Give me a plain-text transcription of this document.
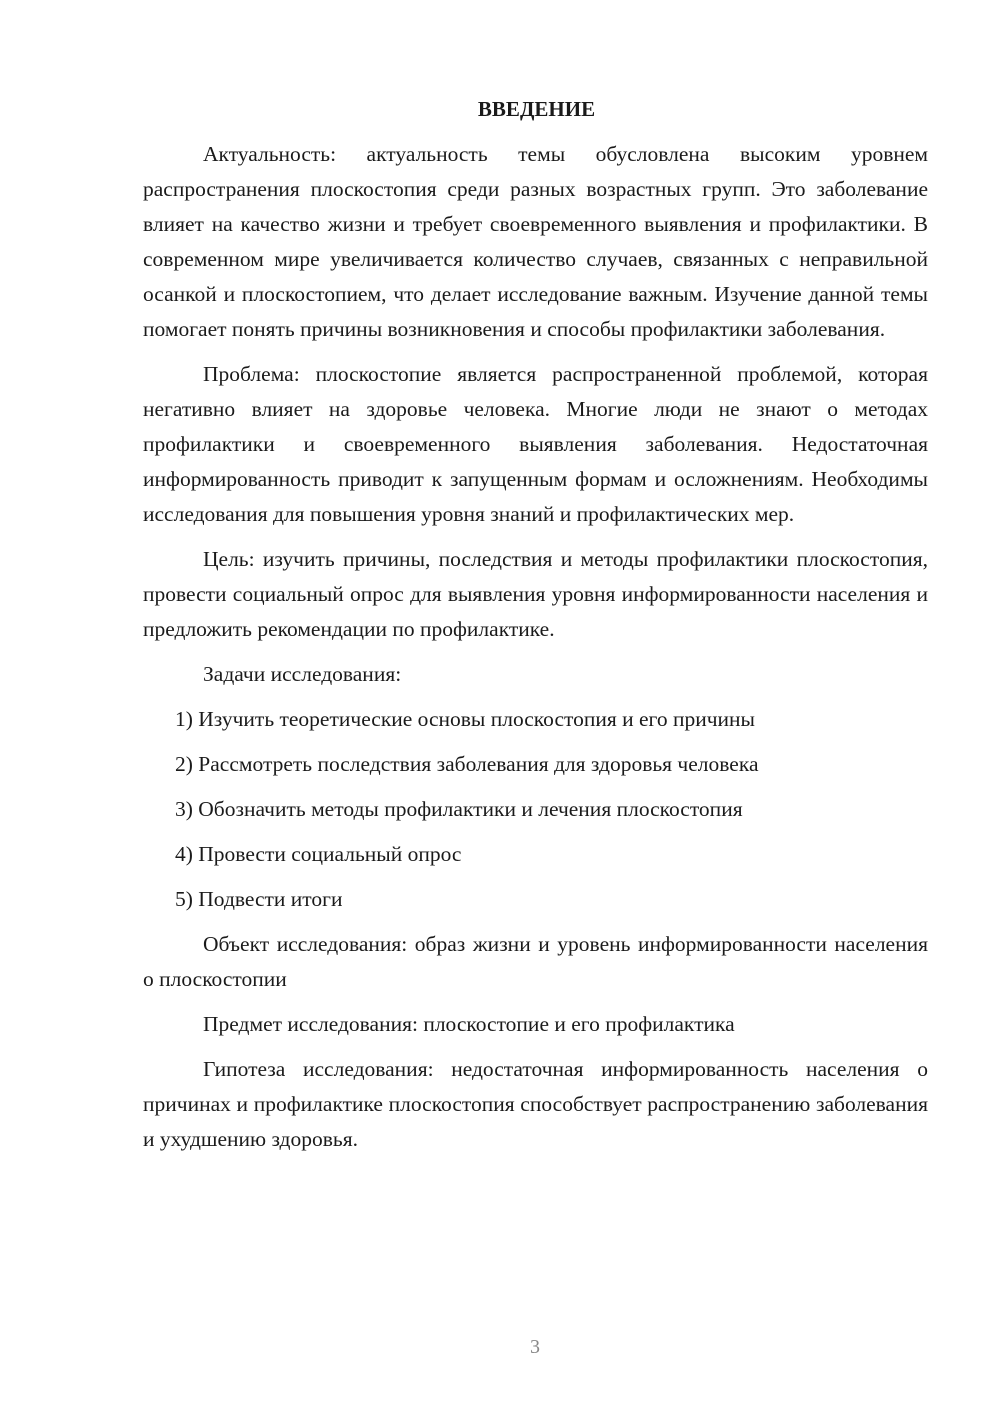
ВВЕДЕНИЕ

Актуальность: актуальность темы обусловлена высоким уровнем распространения плоскостопия среди разных возрастных групп. Это заболевание влияет на качество жизни и требует своевременного выявления и профилактики. В современном мире увеличивается количество случаев, связанных с неправильной осанкой и плоскостопием, что делает исследование важным. Изучение данной темы помогает понять причины возникновения и способы профилактики заболевания.

Проблема: плоскостопие является распространенной проблемой, которая негативно влияет на здоровье человека. Многие люди не знают о методах профилактики и своевременного выявления заболевания. Недостаточная информированность приводит к запущенным формам и осложнениям. Необходимы исследования для повышения уровня знаний и профилактических мер.

Цель: изучить причины, последствия и методы профилактики плоскостопия, провести социальный опрос для выявления уровня информированности населения и предложить рекомендации по профилактике.

Задачи исследования:

1) Изучить теоретические основы плоскостопия и его причины
2) Рассмотреть последствия заболевания для здоровья человека
3) Обозначить методы профилактики и лечения плоскостопия
4) Провести социальный опрос
5) Подвести итоги

Объект исследования: образ жизни и уровень информированности населения о плоскостопии

Предмет исследования: плоскостопие и его профилактика

Гипотеза исследования: недостаточная информированность населения о причинах и профилактике плоскостопия способствует распространению заболевания и ухудшению здоровья.

3
